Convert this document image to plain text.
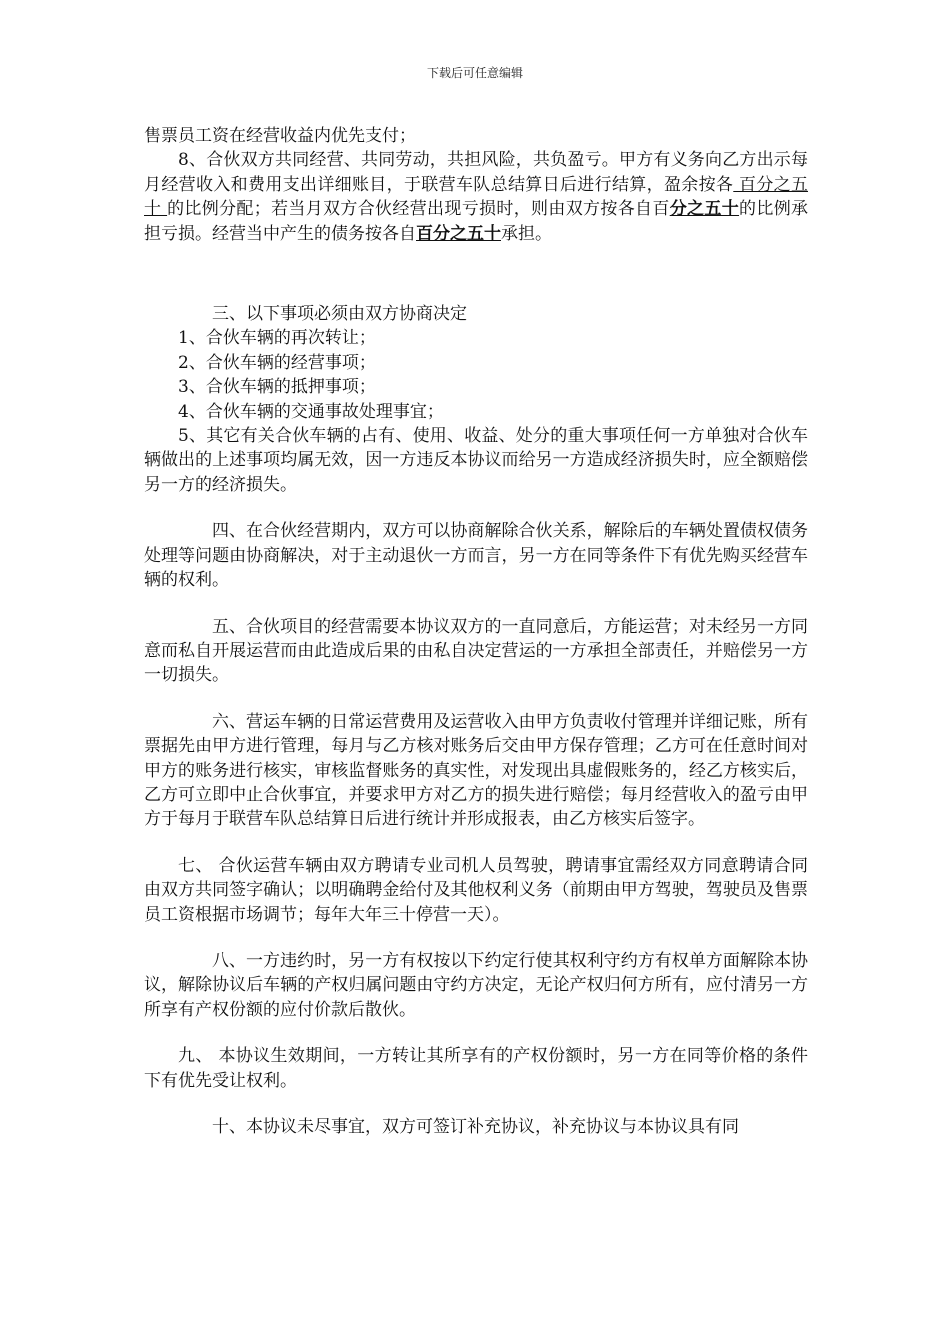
下载后可任意编辑

售票员工资在经营收益内优先支付；

8、合伙双方共同经营、共同劳动，共担风险，共负盈亏。甲方有义务向乙方出示每月经营收入和费用支出详细账目，于联营车队总结算日后进行结算，盈余按各 百分之五十 的比例分配；若当月双方合伙经营出现亏损时，则由双方按各自百分之五十的比例承担亏损。经营当中产生的债务按各自百分之五十承担。

三、以下事项必须由双方协商决定

1、合伙车辆的再次转让；

2、合伙车辆的经营事项；

3、合伙车辆的抵押事项；

4、合伙车辆的交通事故处理事宜；

5、其它有关合伙车辆的占有、使用、收益、处分的重大事项任何一方单独对合伙车辆做出的上述事项均属无效，因一方违反本协议而给另一方造成经济损失时，应全额赔偿另一方的经济损失。

四、在合伙经营期内，双方可以协商解除合伙关系，解除后的车辆处置债权债务处理等问题由协商解决，对于主动退伙一方而言，另一方在同等条件下有优先购买经营车辆的权利。

五、合伙项目的经营需要本协议双方的一直同意后，方能运营；对未经另一方同意而私自开展运营而由此造成后果的由私自决定营运的一方承担全部责任，并赔偿另一方一切损失。

六、营运车辆的日常运营费用及运营收入由甲方负责收付管理并详细记账，所有票据先由甲方进行管理，每月与乙方核对账务后交由甲方保存管理；乙方可在任意时间对甲方的账务进行核实，审核监督账务的真实性，对发现出具虚假账务的，经乙方核实后，乙方可立即中止合伙事宜，并要求甲方对乙方的损失进行赔偿；每月经营收入的盈亏由甲方于每月于联营车队总结算日后进行统计并形成报表，由乙方核实后签字。

七、 合伙运营车辆由双方聘请专业司机人员驾驶，聘请事宜需经双方同意聘请合同由双方共同签字确认；以明确聘金给付及其他权利义务（前期由甲方驾驶，驾驶员及售票员工资根据市场调节；每年大年三十停营一天）。

八、一方违约时，另一方有权按以下约定行使其权利守约方有权单方面解除本协议，解除协议后车辆的产权归属问题由守约方决定，无论产权归何方所有，应付清另一方所享有产权份额的应付价款后散伙。

九、 本协议生效期间，一方转让其所享有的产权份额时，另一方在同等价格的条件下有优先受让权利。

十、本协议未尽事宜，双方可签订补充协议，补充协议与本协议具有同
